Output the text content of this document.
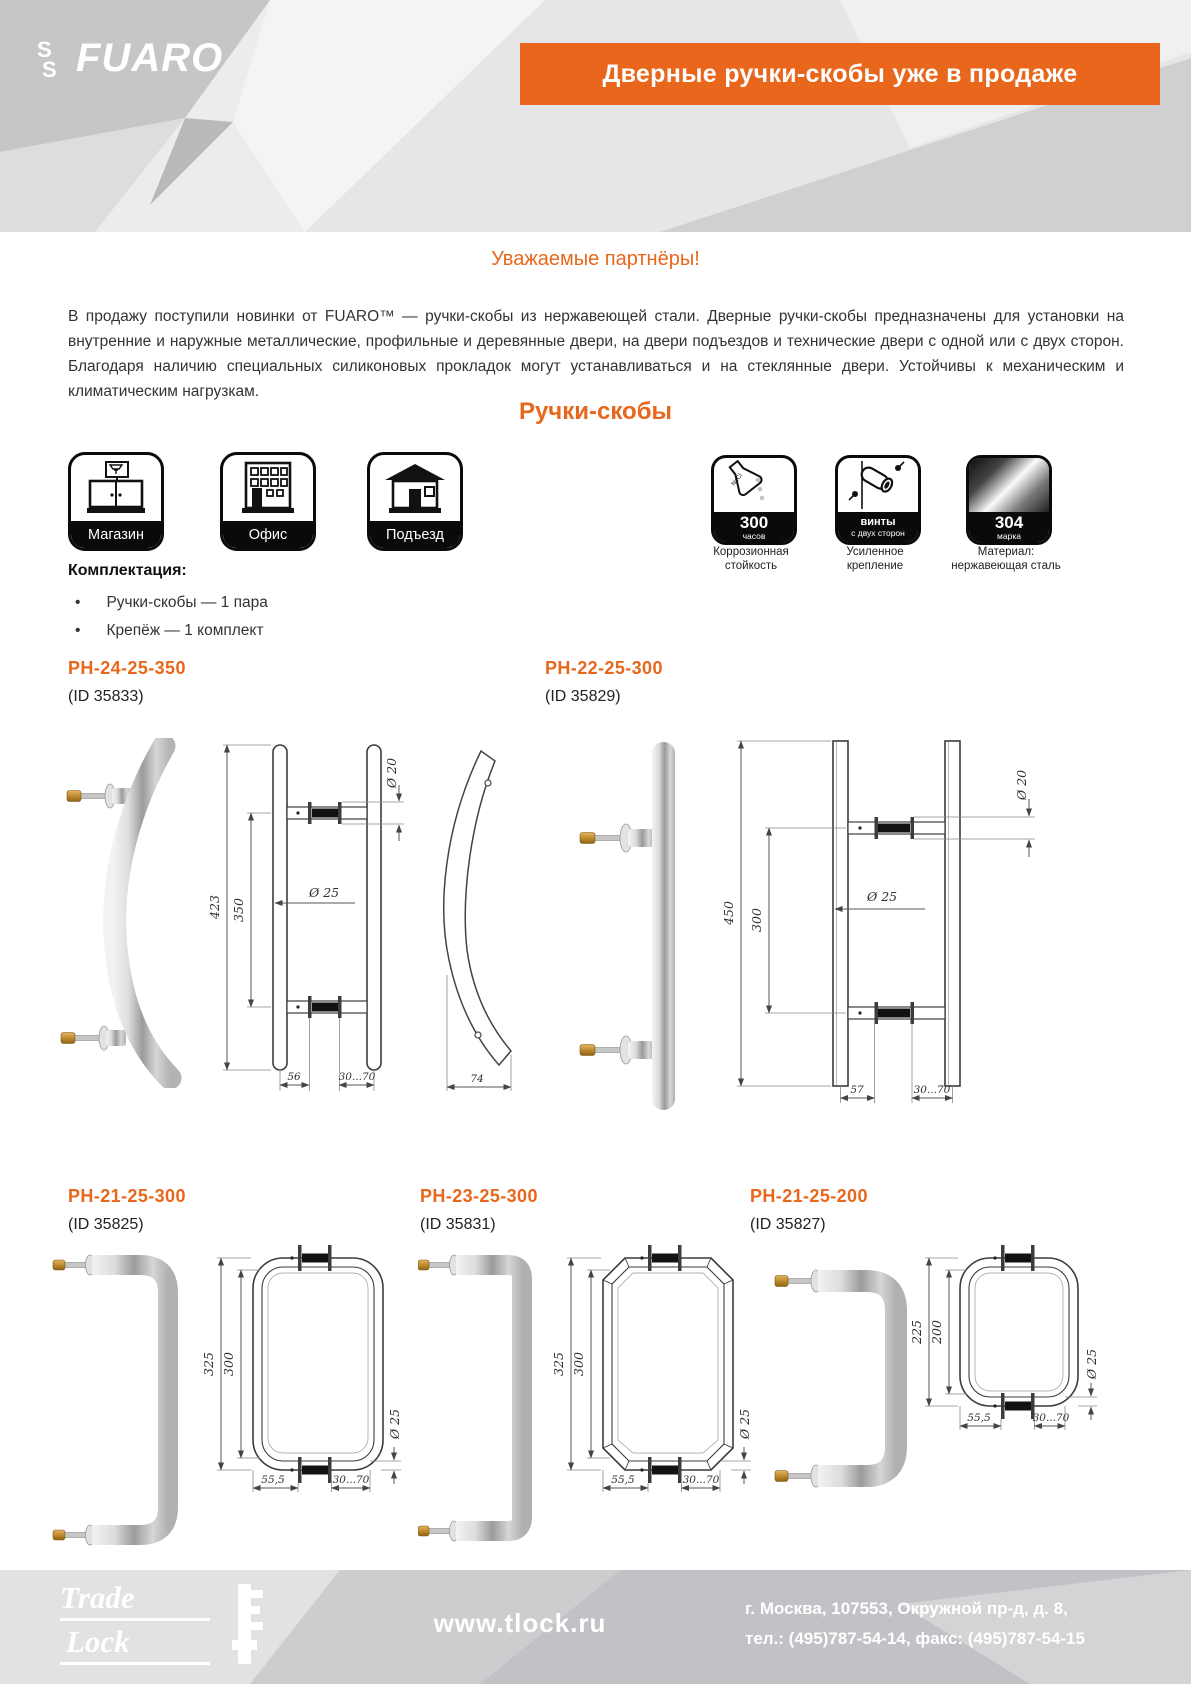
S
S FUARO	Дверные ручки-скобы уже в продаже
Уважаемые партнёры!

В продажу поступили новинки от FUARO™ — ручки-скобы из нержавеющей стали. Дверные ручки-скобы предназначены для установки на внутренние и наружные металлические, профильные и деревянные двери, на двери подъездов и технические двери с одной или с двух сторон. Благодаря наличию специальных силиконовых прокладок могут устанавливаться и на стеклянные двери. Устойчивы к механическим и климатическим нагрузкам.

Ручки-скобы
Магазин	Офис	Подъезд
NaCl
300
часов
Коррозионная
стойкость
винты
с двух сторон
Усиленное
крепление
304
марка
Материал:
нержавеющая сталь
Комплектация:
• Ручки-скобы — 1 пара
• Крепёж — 1 комплект
PH-24-25-350
(ID 35833)
PH-22-25-300
(ID 35829)
423 350
Ø 20
Ø 25
56	30...70	74
450 300
Ø 20
Ø 25
57	30...70
PH-21-25-300
(ID 35825)
PH-23-25-300
(ID 35831)
PH-21-25-200
(ID 35827)
325 300
Ø 25
55,5	30...70
325 300
Ø 25
55,5	30...70
225 200
Ø 25
55,5	30...70
Trade
Lock
www.tlock.ru	г. Москва, 107553, Окружной пр-д, д. 8,
тел.: (495)787-54-14, факс: (495)787-54-15
